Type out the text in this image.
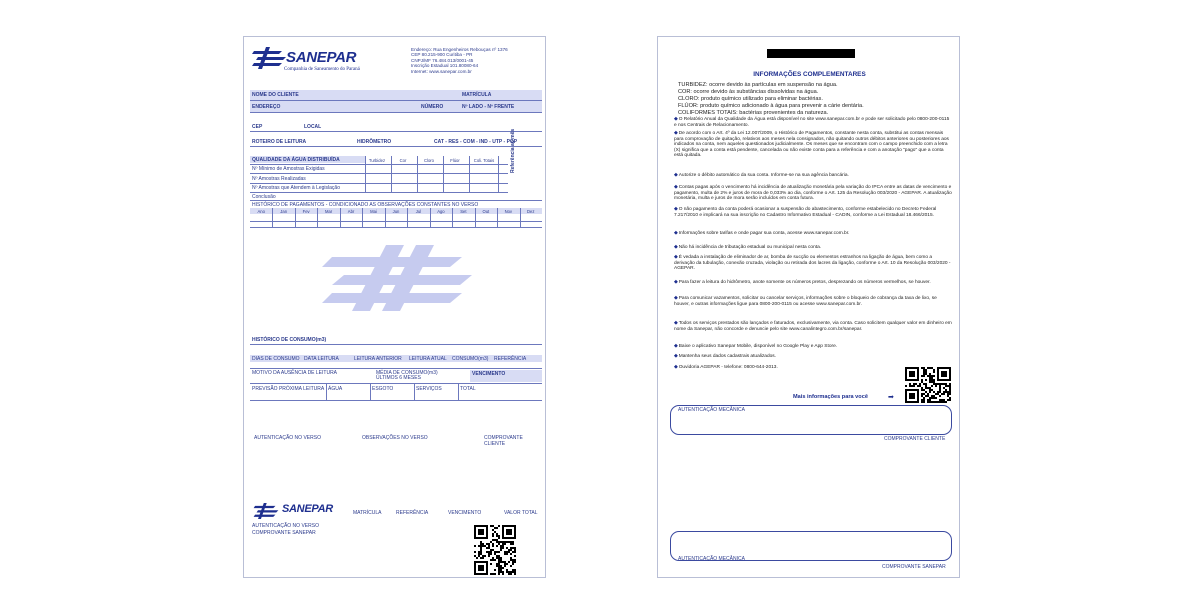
SANEPAR
Companhia de Saneamento do Paraná
Endereço: Rua Engenheiros Rebouças nº 1376
CEP 80.215-900 Curitiba - PR
CNPJ/MF 76.484.013/0001-45
Inscrição Estadual 101.80080-64
Internet: www.sanepar.com.br
NOME DO CLIENTE	MATRÍCULA
ENDEREÇO	NÚMERO	Nº LADO - Nº FRENTE
CEP	LOCAL
ROTEIRO DE LEITURA	HIDRÔMETRO	CAT - RES - COM - IND - UTP - POP
QUALIDADE DA ÁGUA DISTRIBUÍDA	Turbidez	Cor	Cloro	Flúor	Coli. Totais
Nº Mínimo de Amostras Exigidas
Nº Amostras Realizadas
Nº Amostras que Atendem à Legislação
Referência ao mês
Conclusão
HISTÓRICO DE PAGAMENTOS - CONDICIONADO AS OBSERVAÇÕES CONSTANTES NO VERSO
HISTÓRICO DE CONSUMO(m3)
DIAS DE CONSUMO DATA LEITURA	LEITURA ANTERIOR LEITURA ATUAL CONSUMO(m3) REFERÊNCIA
MOTIVO DA AUSÊNCIA DE LEITURA	MÉDIA DE CONSUMO(m3)
ÚLTIMOS 6 MESES
VENCIMENTO
PREVISÃO PRÓXIMA LEITURA ÁGUA	ESGOTO	SERVIÇOS	TOTAL
AUTENTICAÇÃO NO VERSO	OBSERVAÇÕES NO VERSO	COMPROVANTE CLIENTE
SANEPAR	MATRÍCULA	REFERÊNCIA	VENCIMENTO	VALOR TOTAL
AUTENTICAÇÃO NO VERSO
COMPROVANTE SANEPAR
Ano	Jan	Fev	Mar	Abr	Mai	Jun	Jul	Ago	Set	Out	Nov	Dez
INFORMAÇÕES COMPLEMENTARES
TURBIDEZ: ocorre devido às partículas em suspensão na água.
COR: ocorre devido às substâncias dissolvidas na água.
CLORO: produto químico utilizado para eliminar bactérias.
FLÚOR: produto químico adicionado à água para prevenir a cárie dentária.
COLIFORMES TOTAIS: bactérias provenientes da natureza.
Mais informações para você	➡
AUTENTICAÇÃO MECÂNICA
COMPROVANTE CLIENTE
AUTENTICAÇÃO MECÂNICA
COMPROVANTE SANEPAR
◆O Relatório Anual da Qualidade da Água está disponível no site www.sanepar.com.br e pode ser solicitado pelo 0800-200-0115 e nos Centrais de Relacionamento.
◆De acordo com o Art. 4º da Lei 12.007/2009, o Histórico de Pagamentos, constante nesta conta, substitui as contas mensais para comprovação de quitação, relativos aos meses nela consignados, não quitando outros débitos anteriores ou posteriores aos indicados na conta, nem aqueles questionados judicialmente. Os meses que se encontram com o campo preenchido com a letra (X) significa que a conta está pendente, cancelada ou não existe conta para a referência e com a anotação "pago" que a conta está quitada.
◆Autorize o débito automático da sua conta. Informe-se na sua agência bancária.
◆Contas pagas após o vencimento há incidência de atualização monetária pela variação do IPCA entre as datas de vencimento e pagamento, multa de 2% e juros de mora de 0,033% ao dia, conforme o Art. 125 da Resolução 003/2020 - AGEPAR. A atualização monetária, multa e juros de mora serão incluídos em conta futura.
◆O não pagamento da conta poderá ocasionar a suspensão do abastecimento, conforme estabelecido no Decreto Federal 7.217/2010 e implicará na sua inscrição no Cadastro Informativo Estadual - CADIN, conforme a Lei Estadual 18.466/2015.
◆Informações sobre tarifas e onde pagar sua conta, acesse www.sanepar.com.br.
◆Não há incidência de tributação estadual ou municipal nesta conta.
◆É vedada a instalação de eliminador de ar, bomba de sucção ou elementos estranhos na ligação de água, bem como a derivação da tubulação, conexão cruzada, violação ou retirada dos lacres da ligação, conforme o Art. 10 da Resolução 003/2020 - AGEPAR.
◆Para fazer a leitura do hidrômetro, anote somente os números pretos, desprezando os números vermelhos, se houver.
◆Para comunicar vazamentos, solicitar ou cancelar serviços, informações sobre o bloqueio de cobrança da taxa de lixo, se houver, e outras informações ligue para 0800-200-0115 ou acesse www.sanepar.com.br.
◆Todos os serviços prestados são lançados e faturados, exclusivamente, via conta. Caso solicitem qualquer valor em dinheiro em nome da Sanepar, não concorde e denuncie pelo site www.canalintegro.com.br/sanepar.
◆Baixe o aplicativo Sanepar Mobile, disponível no Google Play e App Store.
◆Mantenha seus dados cadastrais atualizados.
◆Ouvidoria AGEPAR - telefone: 0800-644-2013.
